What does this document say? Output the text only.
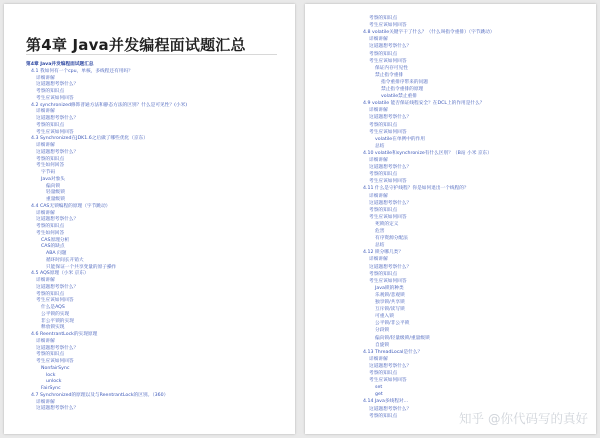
第4章 Java并发编程面试题汇总
第4章 Java并发编程面试题汇总
4.1 我如何有一个cpu，单核，多线程还有用吗？
详细讲解
这道题想考察什么？
考察的知识点
考生应该如何回答
4.2 synchronized修饰普通方法和静态方法的区别？什么是可见性？(小米)
详细讲解
这道题想考察什么？
考察的知识点
考生应该如何回答
4.3 Synchronized在JDK1.6之后做了哪些优化（京东）
详细讲解
这道题想考察什么？
考察的知识点
考生如何回答
字节码
Java对象头
偏向锁
轻量级锁
重量级锁
4.4 CAS无锁编程的原理（字节跳动）
详细讲解
这道题想考察什么？
考察的知识点
考生如何回答
CAS原理分析
CAS的缺点
ABA 问题
循环时间长开销大
只能保证一个共享变量的原子操作
4.5 AQS原理（小米 京东）
详细讲解
这道题想考察什么？
考察的知识点
考生应该如何回答
什么是AQS
公平锁的实现
非公平锁的实现
释放锁实现
4.6 ReentrantLock的实现原理
详细讲解
这道题想考察什么？
考察的知识点
考生应该如何回答
NonfairSync
lock
unlock
FairSync
4.7 Synchronized的原理以及与ReentrantLock的区别。（360）
详细讲解
这道题想考察什么？
考察的知识点
考生应该如何回答
4.8 volatile关键字干了什么？（什么叫指令重排）（字节跳动）
详细讲解
这道题想考察什么？
考察的知识点
考生应该如何回答
保证内存可见性
禁止指令重排
指令重排序带来的问题
禁止指令重排的原理
volatile禁止重排
4.9 volatile 能否保证线程安全？在DCL上的作用是什么？
详细讲解
这道题想考察什么？
考察的知识点
考生应该如何回答
volatile在单例中的作用
总结
4.10 volatile和synchronize有什么区别？（B站 小米 京东）
详细讲解
这道题想考察什么？
考察的知识点
考生应该如何回答
4.11 什么是守护线程？你是如何退出一个线程的？
详细讲解
这道题想考察什么？
考察的知识点
考生应该如何回答
死锁的定义
危害
有序资源分配法
总结
4.12 锁分哪几类？
详细讲解
这道题想考察什么？
考察的知识点
考生应该如何回答
Java锁的种类
乐观锁/悲观锁
独享锁/共享锁
互斥锁/读写锁
可重入锁
公平锁/非公平锁
分段锁
偏向锁/轻量级锁/重量级锁
自旋锁
4.13 ThreadLocal是什么？
详细讲解
这道题想考察什么？
考察的知识点
考生应该如何回答
set
get
4.14 Java多线程对...
这道题想考察什么？
考察的知识点	知乎 @你代码写的真好
